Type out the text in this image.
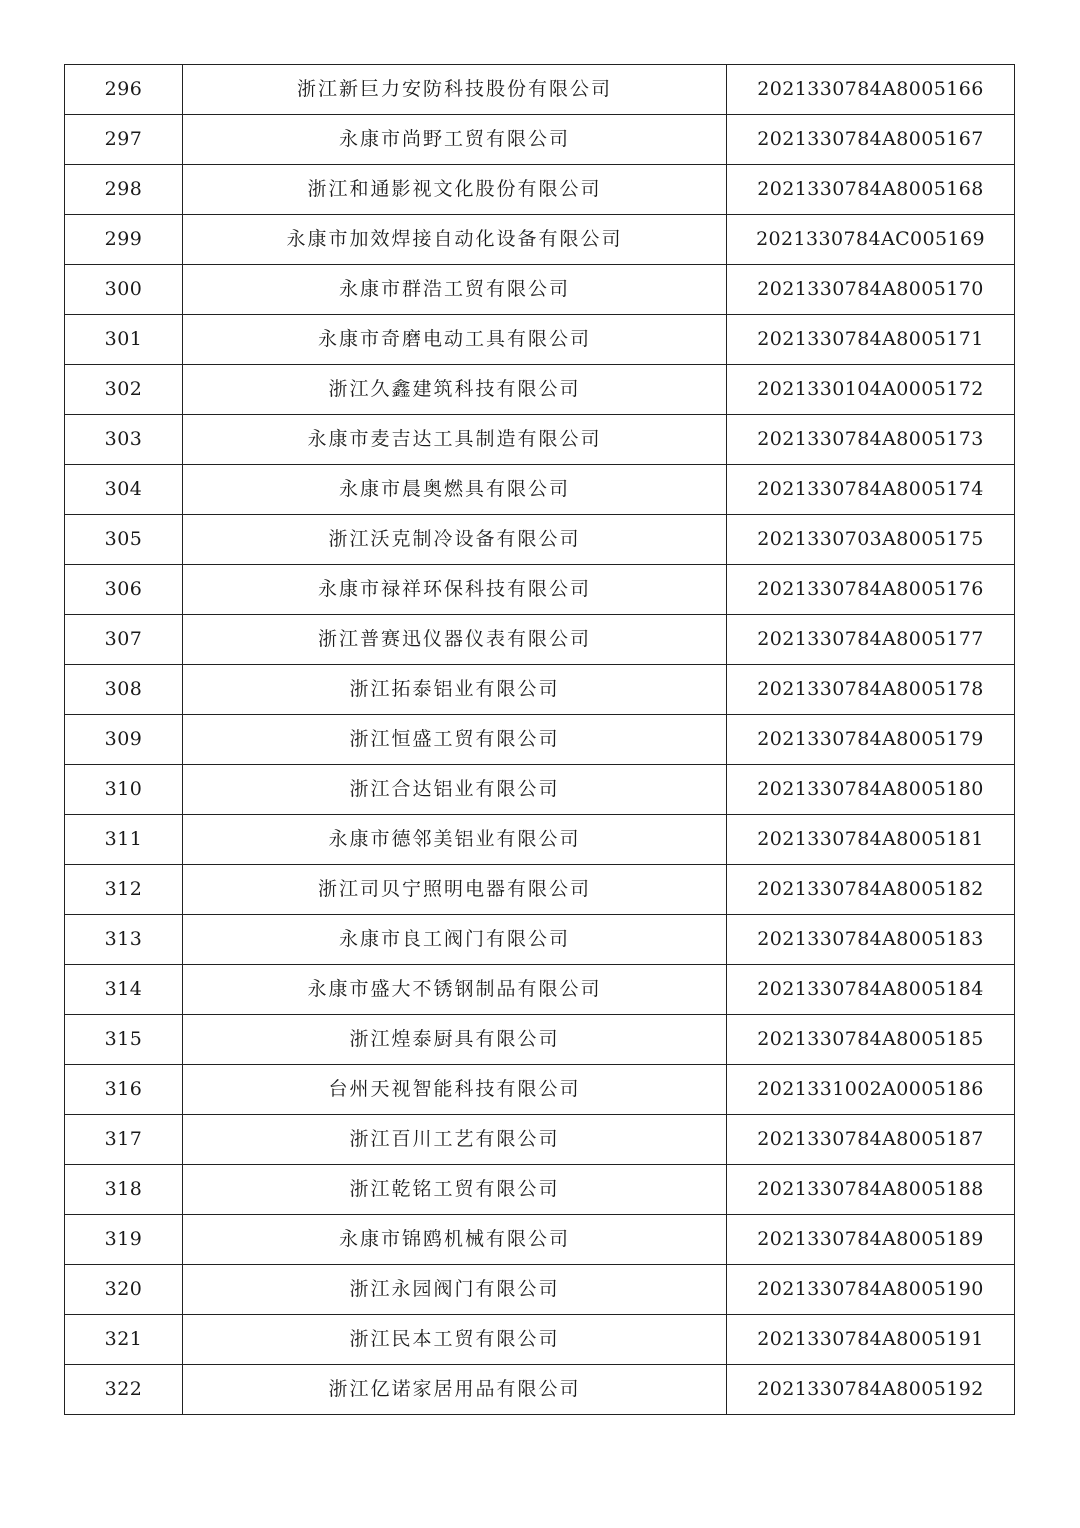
296	浙江新巨力安防科技股份有限公司	2021330784A8005166
297	永康市尚野工贸有限公司	2021330784A8005167
298	浙江和通影视文化股份有限公司	2021330784A8005168
299	永康市加效焊接自动化设备有限公司	2021330784AC005169
300	永康市群浩工贸有限公司	2021330784A8005170
301	永康市奇磨电动工具有限公司	2021330784A8005171
302	浙江久鑫建筑科技有限公司	2021330104A0005172
303	永康市麦吉达工具制造有限公司	2021330784A8005173
304	永康市晨奥燃具有限公司	2021330784A8005174
305	浙江沃克制冷设备有限公司	2021330703A8005175
306	永康市禄祥环保科技有限公司	2021330784A8005176
307	浙江普赛迅仪器仪表有限公司	2021330784A8005177
308	浙江拓泰铝业有限公司	2021330784A8005178
309	浙江恒盛工贸有限公司	2021330784A8005179
310	浙江合达铝业有限公司	2021330784A8005180
311	永康市德邻美铝业有限公司	2021330784A8005181
312	浙江司贝宁照明电器有限公司	2021330784A8005182
313	永康市良工阀门有限公司	2021330784A8005183
314	永康市盛大不锈钢制品有限公司	2021330784A8005184
315	浙江煌泰厨具有限公司	2021330784A8005185
316	台州天视智能科技有限公司	2021331002A0005186
317	浙江百川工艺有限公司	2021330784A8005187
318	浙江乾铭工贸有限公司	2021330784A8005188
319	永康市锦鸥机械有限公司	2021330784A8005189
320	浙江永园阀门有限公司	2021330784A8005190
321	浙江民本工贸有限公司	2021330784A8005191
322	浙江亿诺家居用品有限公司	2021330784A8005192
